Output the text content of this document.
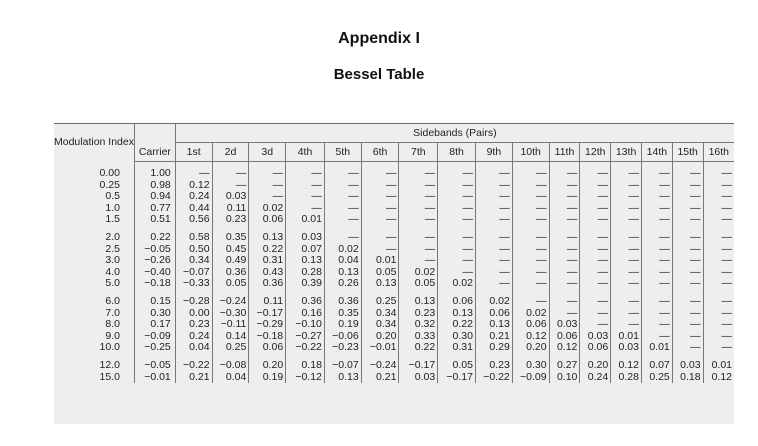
Appendix I
Bessel Table
Modulation Index		Sidebands (Pairs)															
	Carrier	1st	2d	3d	4th	5th	6th	7th	8th	9th	10th	11th	12th	13th	14th	15th	16th

0.00	1.00	—	—	—	—	—	—	—	—	—	—	—	—	—	—	—	—
0.25	0.98	0.12	—	—	—	—	—	—	—	—	—	—	—	—	—	—	—
0.5	0.94	0.24	0.03	—	—	—	—	—	—	—	—	—	—	—	—	—	—
1.0	0.77	0.44	0.11	0.02	—	—	—	—	—	—	—	—	—	—	—	—	—
1.5	0.51	0.56	0.23	0.06	0.01	—	—	—	—	—	—	—	—	—	—	—	—

2.0	0.22	0.58	0.35	0.13	0.03	—	—	—	—	—	—	—	—	—	—	—	—
2.5	−0.05	0.50	0.45	0.22	0.07	0.02	—	—	—	—	—	—	—	—	—	—	—
3.0	−0.26	0.34	0.49	0.31	0.13	0.04	0.01	—	—	—	—	—	—	—	—	—	—
4.0	−0.40	−0.07	0.36	0.43	0.28	0.13	0.05	0.02	—	—	—	—	—	—	—	—	—
5.0	−0.18	−0.33	0.05	0.36	0.39	0.26	0.13	0.05	0.02	—	—	—	—	—	—	—	—

6.0	0.15	−0.28	−0.24	0.11	0.36	0.36	0.25	0.13	0.06	0.02	—	—	—	—	—	—	—
7.0	0.30	0.00	−0.30	−0.17	0.16	0.35	0.34	0.23	0.13	0.06	0.02	—	—	—	—	—	—
8.0	0.17	0.23	−0.11	−0.29	−0.10	0.19	0.34	0.32	0.22	0.13	0.06	0.03	—	—	—	—	—
9.0	−0.09	0.24	0.14	−0.18	−0.27	−0.06	0.20	0.33	0.30	0.21	0.12	0.06	0.03	0.01	—	—	—
10.0	−0.25	0.04	0.25	0.06	−0.22	−0.23	−0.01	0.22	0.31	0.29	0.20	0.12	0.06	0.03	0.01	—	—

12.0	−0.05	−0.22	−0.08	0.20	0.18	−0.07	−0.24	−0.17	0.05	0.23	0.30	0.27	0.20	0.12	0.07	0.03	0.01
15.0	−0.01	0.21	0.04	0.19	−0.12	0.13	0.21	0.03	−0.17	−0.22	−0.09	0.10	0.24	0.28	0.25	0.18	0.12
